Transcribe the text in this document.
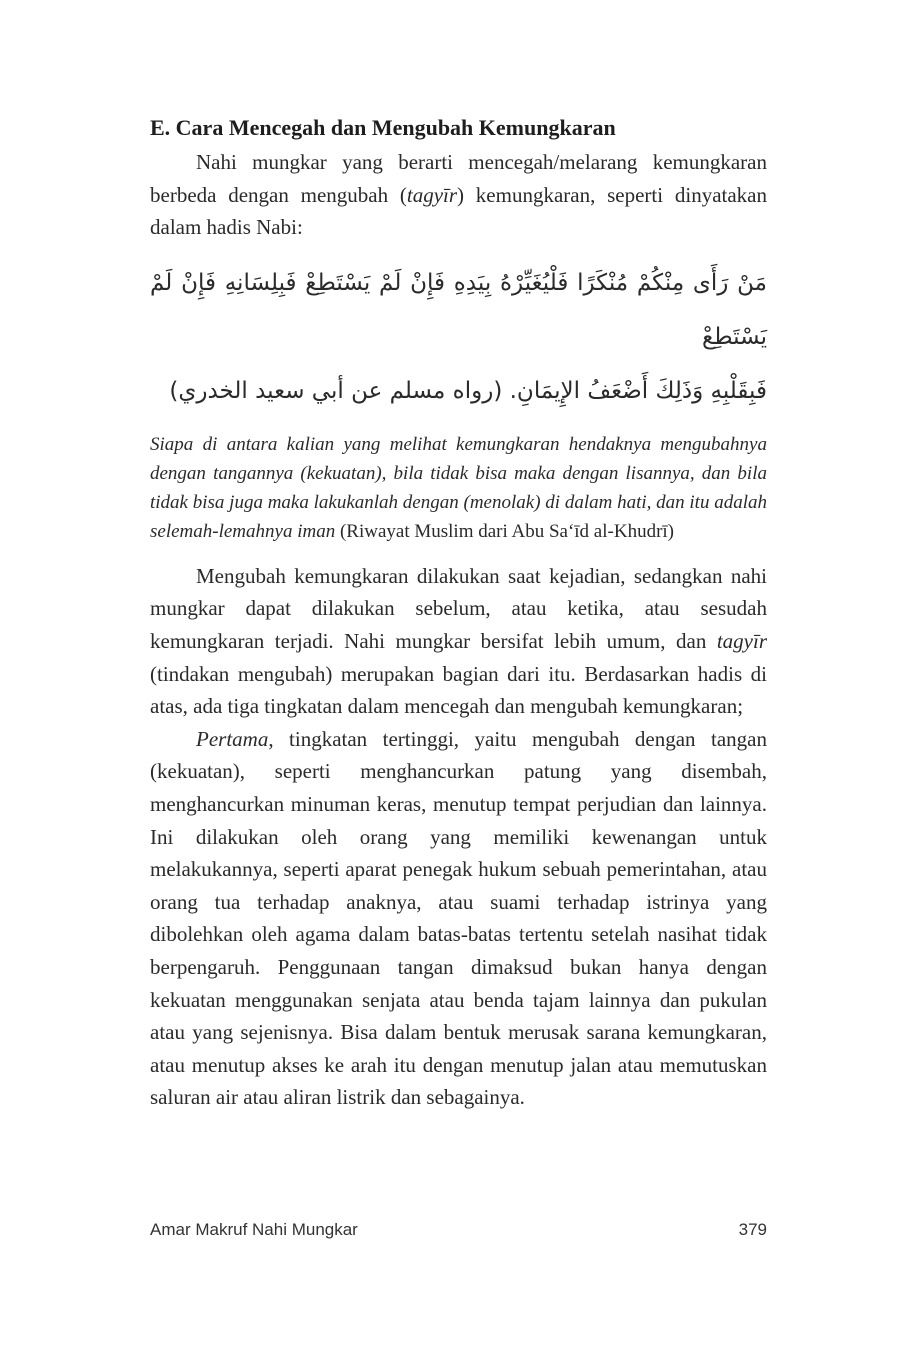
E. Cara Mencegah dan Mengubah Kemungkaran

Nahi mungkar yang berarti mencegah/melarang kemungkaran berbeda dengan mengubah (tagyīr) kemungkaran, seperti dinyatakan dalam hadis Nabi:

مَنْ رَأَى مِنْكُمْ مُنْكَرًا فَلْيُغَيِّرْهُ بِيَدِهِ فَإِنْ لَمْ يَسْتَطِعْ فَبِلِسَانِهِ فَإِنْ لَمْ يَسْتَطِعْ
فَبِقَلْبِهِ وَذَلِكَ أَضْعَفُ الإِيمَانِ. (رواه مسلم عن أبي سعيد الخدري)
Siapa di antara kalian yang melihat kemungkaran hendaknya mengubahnya dengan tangannya (kekuatan), bila tidak bisa maka dengan lisannya, dan bila tidak bisa juga maka lakukanlah dengan (menolak) di dalam hati, dan itu adalah selemah-lemahnya iman (Riwayat Muslim dari Abu Saʻīd al-Khudrī)

Mengubah kemungkaran dilakukan saat kejadian, sedangkan nahi mungkar dapat dilakukan sebelum, atau ketika, atau sesudah kemungkaran terjadi. Nahi mungkar bersifat lebih umum, dan tagyīr (tindakan mengubah) merupakan bagian dari itu. Berdasarkan hadis di atas, ada tiga tingkatan dalam mencegah dan mengubah kemungkaran;

Pertama, tingkatan tertinggi, yaitu mengubah dengan tangan (kekuatan), seperti menghancurkan patung yang disembah, menghancurkan minuman keras, menutup tempat perjudian dan lainnya. Ini dilakukan oleh orang yang memiliki kewenangan untuk melakukannya, seperti aparat penegak hukum sebuah pemerintahan, atau orang tua terhadap anaknya, atau suami terhadap istrinya yang dibolehkan oleh agama dalam batas-batas tertentu setelah nasihat tidak berpengaruh. Penggunaan tangan dimaksud bukan hanya dengan kekuatan menggunakan senjata atau benda tajam lainnya dan pukulan atau yang sejenisnya. Bisa dalam bentuk merusak sarana kemungkaran, atau menutup akses ke arah itu dengan menutup jalan atau memutuskan saluran air atau aliran listrik dan sebagainya.

Amar Makruf Nahi Mungkar	379
